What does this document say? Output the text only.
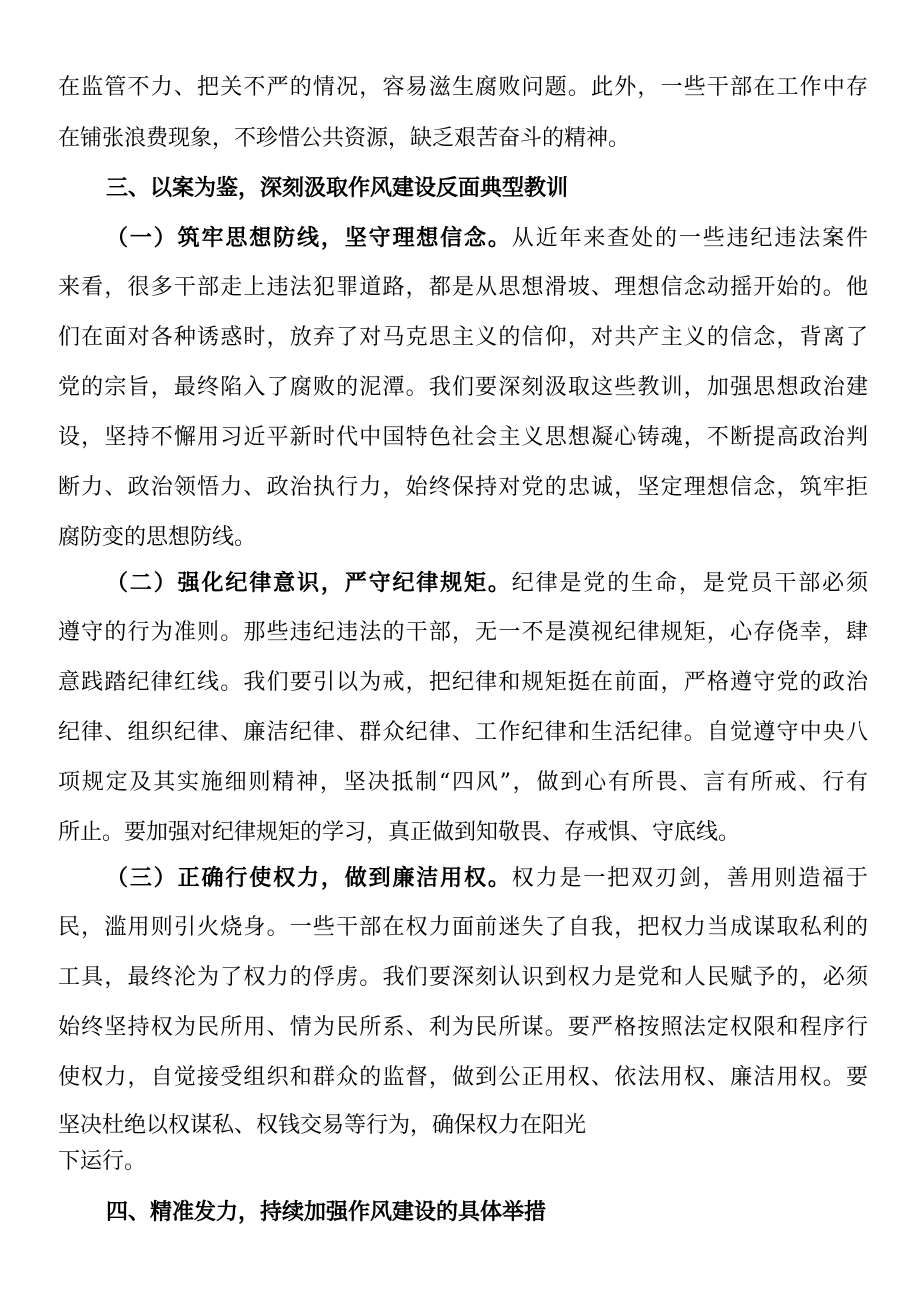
在监管不力、把关不严的情况，容易滋生腐败问题。此外，一些干部在工作中存
在铺张浪费现象，不珍惜公共资源，缺乏艰苦奋斗的精神。
三、以案为鉴，深刻汲取作风建设反面典型教训
（一）筑牢思想防线，坚守理想信念。从近年来查处的一些违纪违法案件
来看，很多干部走上违法犯罪道路，都是从思想滑坡、理想信念动摇开始的。他
们在面对各种诱惑时，放弃了对马克思主义的信仰，对共产主义的信念，背离了
党的宗旨，最终陷入了腐败的泥潭。我们要深刻汲取这些教训，加强思想政治建
设，坚持不懈用习近平新时代中国特色社会主义思想凝心铸魂，不断提高政治判
断力、政治领悟力、政治执行力，始终保持对党的忠诚，坚定理想信念，筑牢拒
腐防变的思想防线。
（二）强化纪律意识，严守纪律规矩。纪律是党的生命，是党员干部必须
遵守的行为准则。那些违纪违法的干部，无一不是漠视纪律规矩，心存侥幸，肆
意践踏纪律红线。我们要引以为戒，把纪律和规矩挺在前面，严格遵守党的政治
纪律、组织纪律、廉洁纪律、群众纪律、工作纪律和生活纪律。自觉遵守中央八
项规定及其实施细则精神，坚决抵制“四风”，做到心有所畏、言有所戒、行有
所止。要加强对纪律规矩的学习，真正做到知敬畏、存戒惧、守底线。
（三）正确行使权力，做到廉洁用权。权力是一把双刃剑，善用则造福于
民，滥用则引火烧身。一些干部在权力面前迷失了自我，把权力当成谋取私利的
工具，最终沦为了权力的俘虏。我们要深刻认识到权力是党和人民赋予的，必须
始终坚持权为民所用、情为民所系、利为民所谋。要严格按照法定权限和程序行
使权力，自觉接受组织和群众的监督，做到公正用权、依法用权、廉洁用权。要
坚决杜绝以权谋私、权钱交易等行为，确保权力在阳光
下运行。
四、精准发力，持续加强作风建设的具体举措
